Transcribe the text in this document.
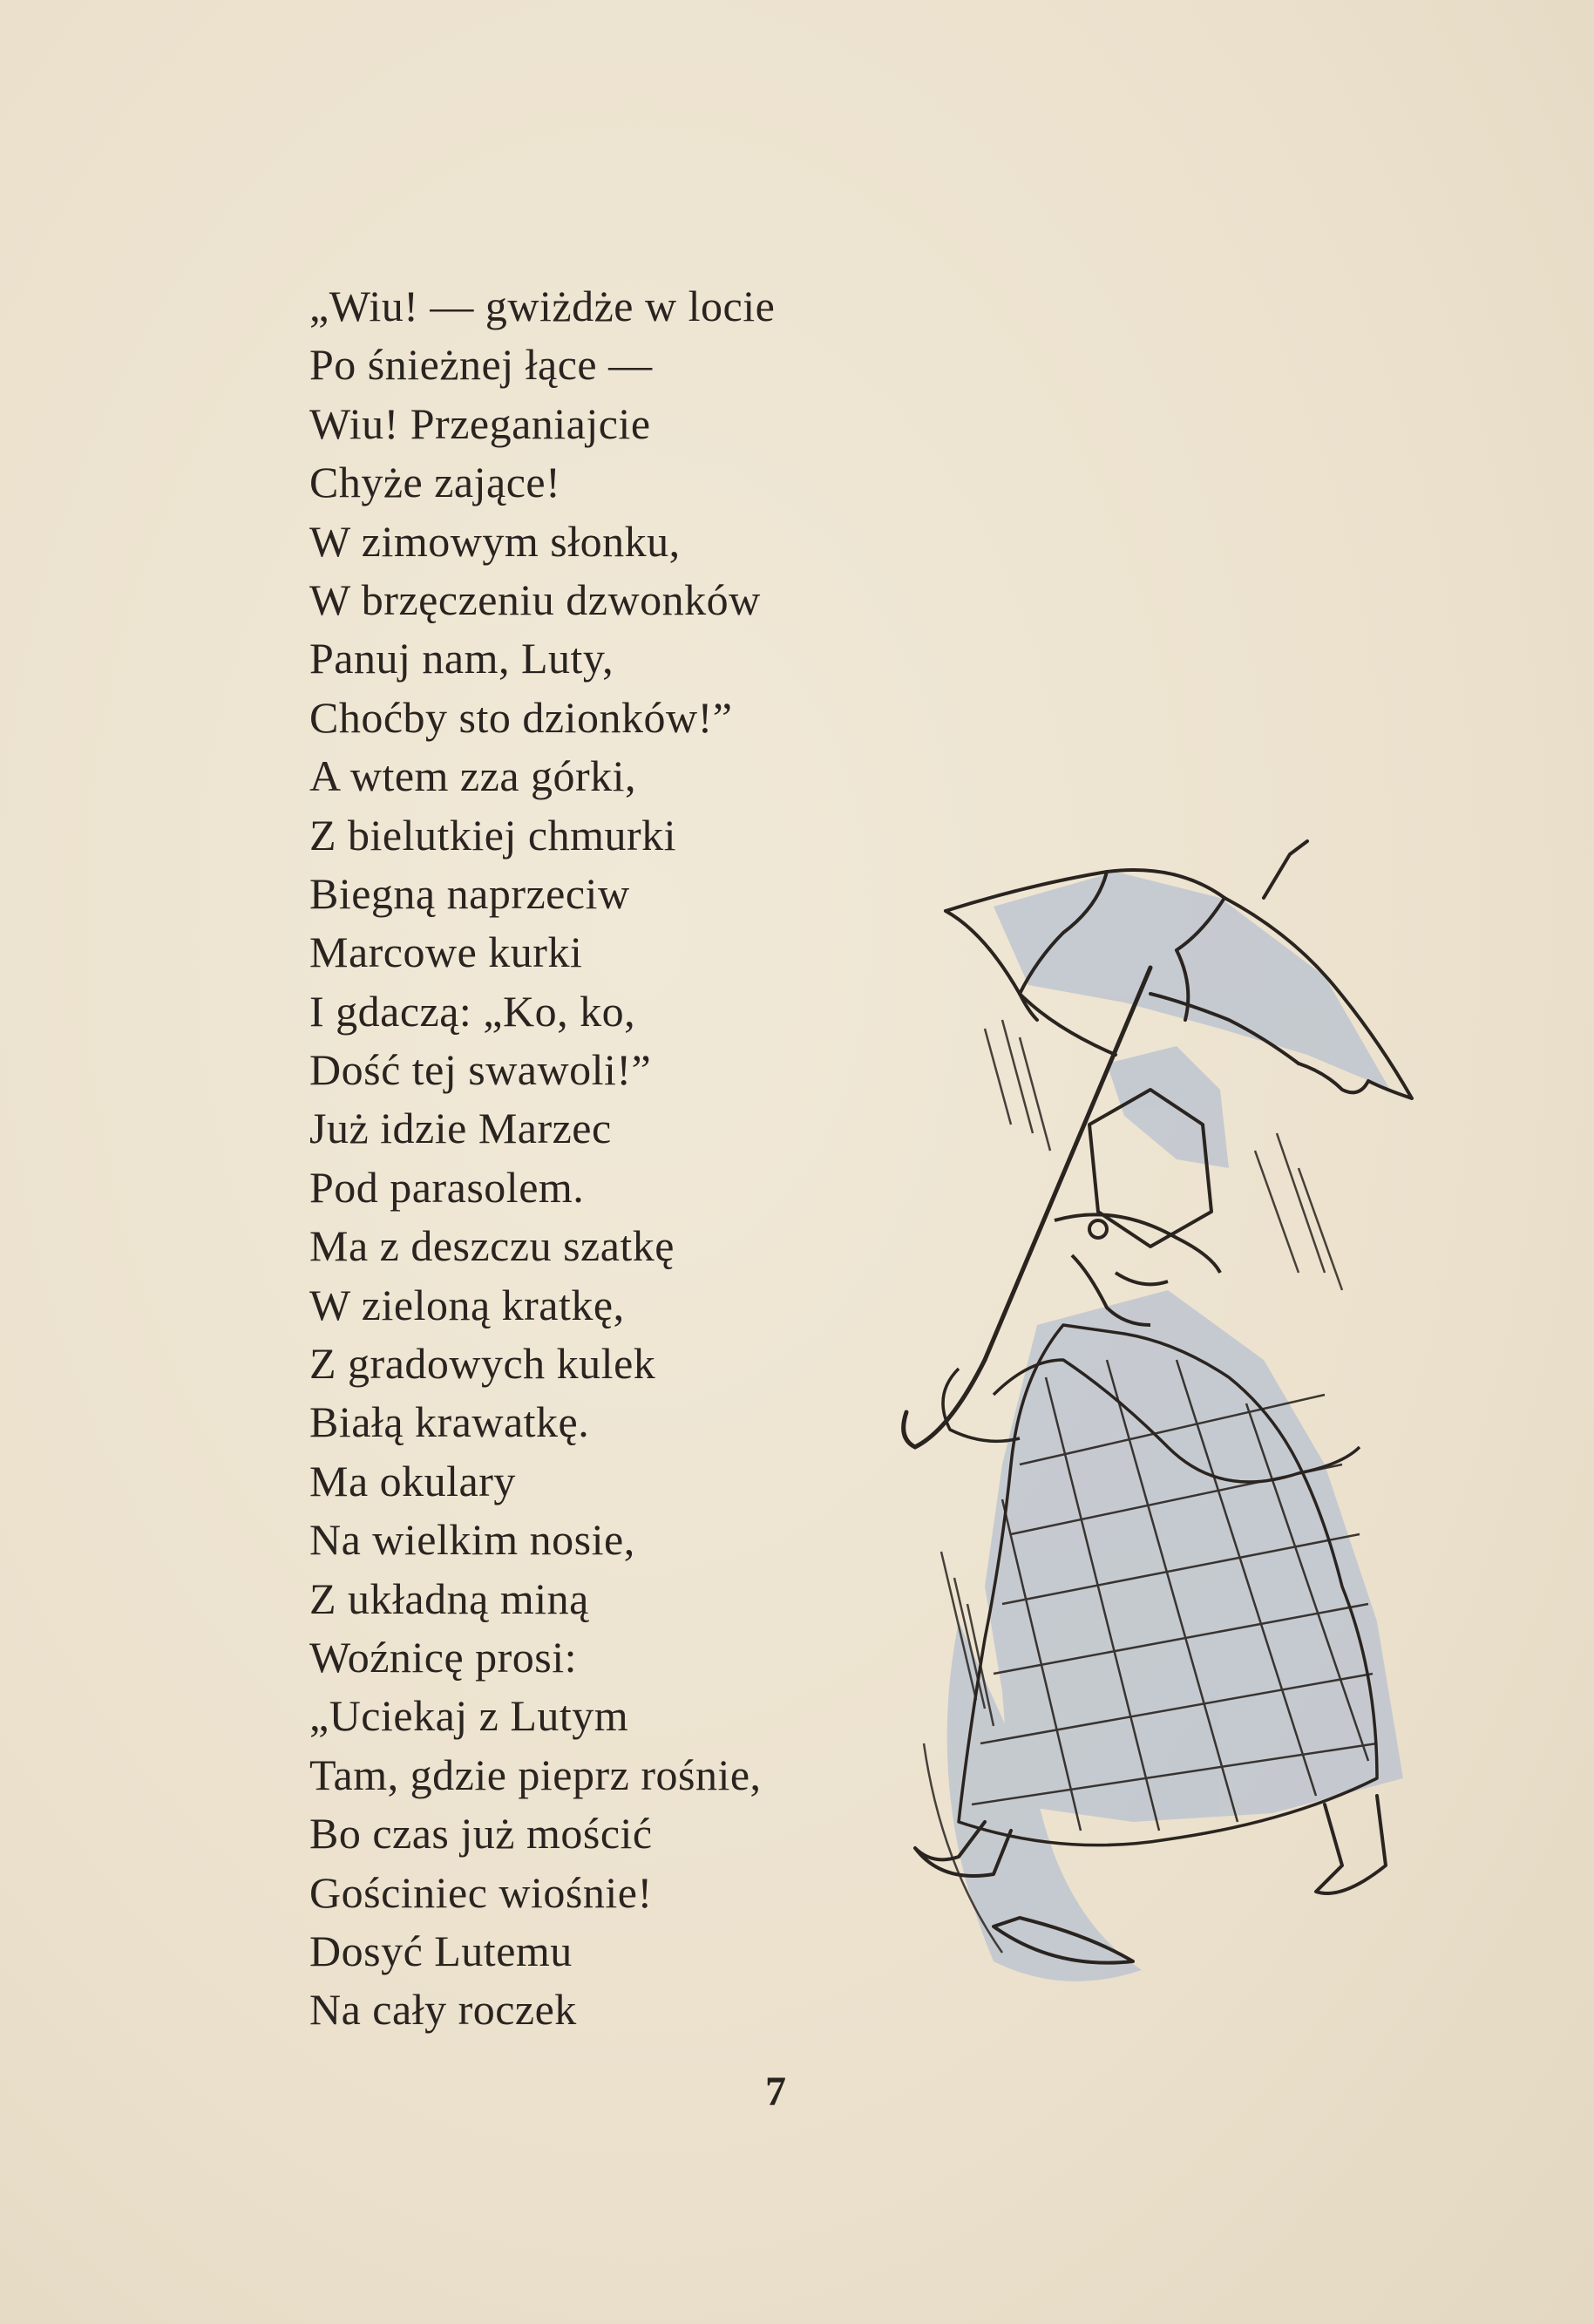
„Wiu! — gwiżdże w locie
Po śnieżnej łące —
Wiu! Przeganiajcie
Chyże zające!
W zimowym słonku,
W brzęczeniu dzwonków
Panuj nam, Luty,
Choćby sto dzionków!”
A wtem zza górki,
Z bielutkiej chmurki
Biegną naprzeciw
Marcowe kurki
I gdaczą: „Ko, ko,
Dość tej swawoli!”
Już idzie Marzec
Pod parasolem.
Ma z deszczu szatkę
W zieloną kratkę,
Z gradowych kulek
Białą krawatkę.
Ma okulary
Na wielkim nosie,
Z układną miną
Woźnicę prosi:
„Uciekaj z Lutym
Tam, gdzie pieprz rośnie,
Bo czas już mościć
Gościniec wiośnie!
Dosyć Lutemu
Na cały roczek
7
